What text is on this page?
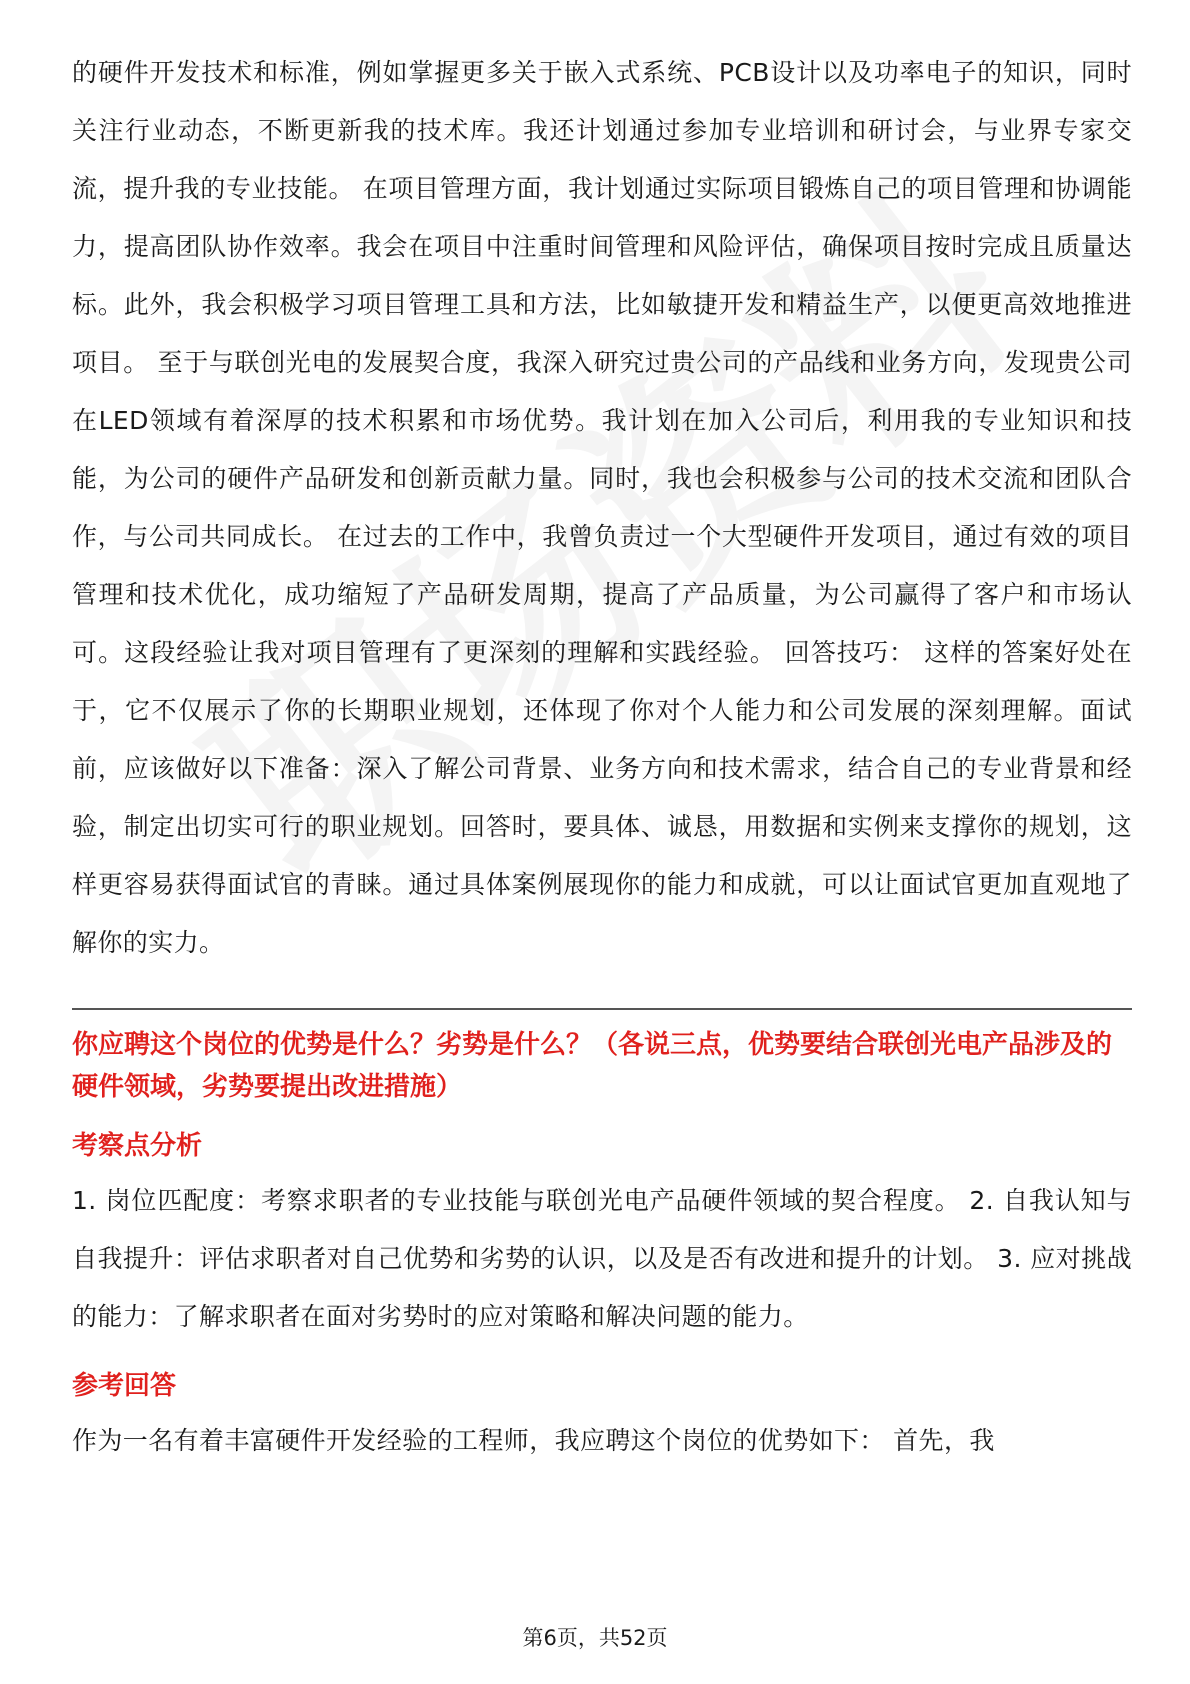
的硬件开发技术和标准，例如掌握更多关于嵌入式系统、PCB设计以及功率电子的知识，同时关注行业动态，不断更新我的技术库。我还计划通过参加专业培训和研讨会，与业界专家交流，提升我的专业技能。 在项目管理方面，我计划通过实际项目锻炼自己的项目管理和协调能力，提高团队协作效率。我会在项目中注重时间管理和风险评估，确保项目按时完成且质量达标。此外，我会积极学习项目管理工具和方法，比如敏捷开发和精益生产，以便更高效地推进项目。 至于与联创光电的发展契合度，我深入研究过贵公司的产品线和业务方向，发现贵公司在LED领域有着深厚的技术积累和市场优势。我计划在加入公司后，利用我的专业知识和技能，为公司的硬件产品研发和创新贡献力量。同时，我也会积极参与公司的技术交流和团队合作，与公司共同成长。 在过去的工作中，我曾负责过一个大型硬件开发项目，通过有效的项目管理和技术优化，成功缩短了产品研发周期，提高了产品质量，为公司赢得了客户和市场认可。这段经验让我对项目管理有了更深刻的理解和实践经验。 回答技巧： 这样的答案好处在于，它不仅展示了你的长期职业规划，还体现了你对个人能力和公司发展的深刻理解。面试前，应该做好以下准备：深入了解公司背景、业务方向和技术需求，结合自己的专业背景和经验，制定出切实可行的职业规划。回答时，要具体、诚恳，用数据和实例来支撑你的规划，这样更容易获得面试官的青睐。通过具体案例展现你的能力和成就，可以让面试官更加直观地了解你的实力。

你应聘这个岗位的优势是什么？劣势是什么？（各说三点，优势要结合联创光电产品涉及的硬件领域，劣势要提出改进措施）

考察点分析

1. 岗位匹配度：考察求职者的专业技能与联创光电产品硬件领域的契合程度。 2. 自我认知与自我提升：评估求职者对自己优势和劣势的认识，以及是否有改进和提升的计划。 3. 应对挑战的能力：了解求职者在面对劣势时的应对策略和解决问题的能力。

参考回答

作为一名有着丰富硬件开发经验的工程师，我应聘这个岗位的优势如下： 首先，我

第6页，共52页
